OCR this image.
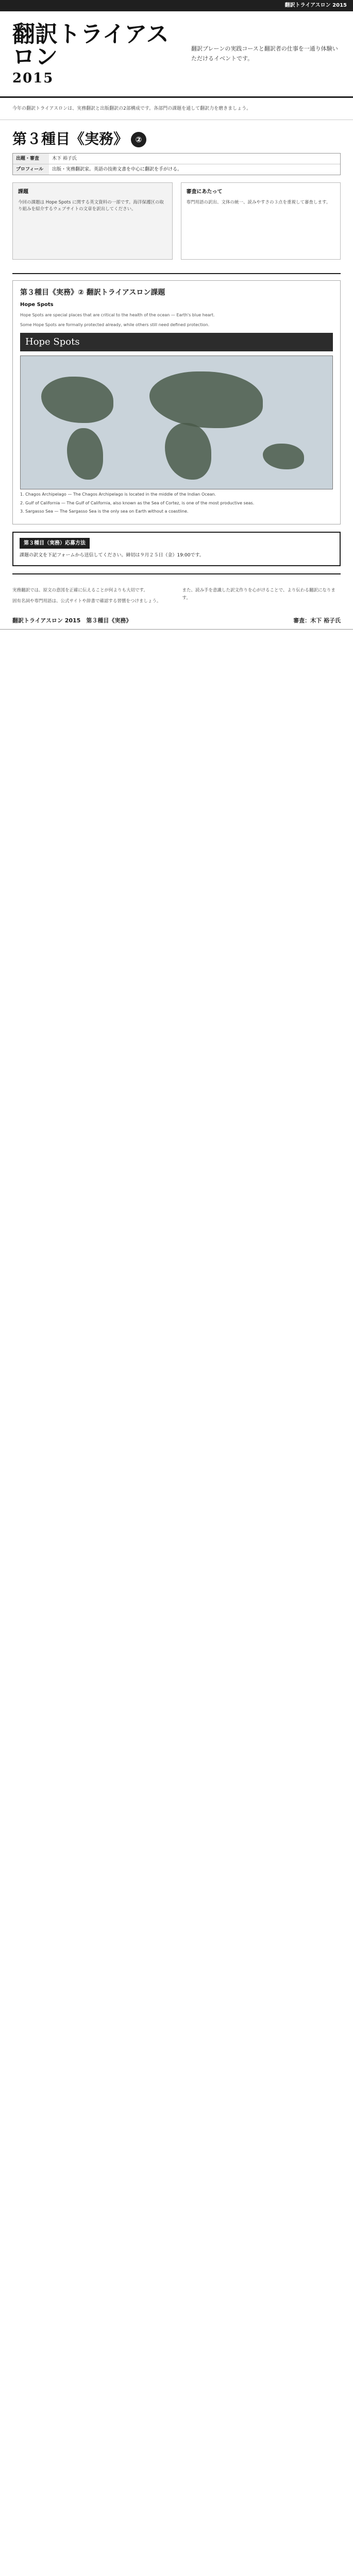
翻訳トライアスロン 2015
翻訳トライアスロン
2015
翻訳ブレーンの実践コースと翻訳者の仕事を一通り体験いただけるイベントです。
今年の翻訳トライアスロンは、実務翻訳と出版翻訳の2部構成です。各部門の課題を通して翻訳力を磨きましょう。
第３種目《実務》 ②
出題・審査	木下 裕子氏
プロフィール	出版・実務翻訳家。英語の技術文書を中心に翻訳を手がける。
課題
今回の課題は Hope Spots に関する英文資料の一部です。海洋保護区の取り組みを紹介するウェブサイトの文章を訳出してください。
審査にあたって
専門用語の訳出、文体の統一、読みやすさの３点を重視して審査します。
第３種目《実務》② 翻訳トライアスロン課題

Hope Spots

Hope Spots are special places that are critical to the health of the ocean — Earth's blue heart.

Some Hope Spots are formally protected already, while others still need defined protection.

Hope Spots
1. Chagos Archipelago — The Chagos Archipelago is located in the middle of the Indian Ocean.
2. Gulf of California — The Gulf of California, also known as the Sea of Cortez, is one of the most productive seas.
3. Sargasso Sea — The Sargasso Sea is the only sea on Earth without a coastline.
第３種目（実務）応募方法
課題の訳文を下記フォームから送信してください。締切は９月２５日（金）19:00です。

実務翻訳では、原文の意図を正確に伝えることが何よりも大切です。

固有名詞や専門用語は、公式サイトや辞書で確認する習慣をつけましょう。

また、読み手を意識した訳文作りを心がけることで、より伝わる翻訳になります。

翻訳トライアスロン 2015　第３種目《実務》	審査：木下 裕子氏
